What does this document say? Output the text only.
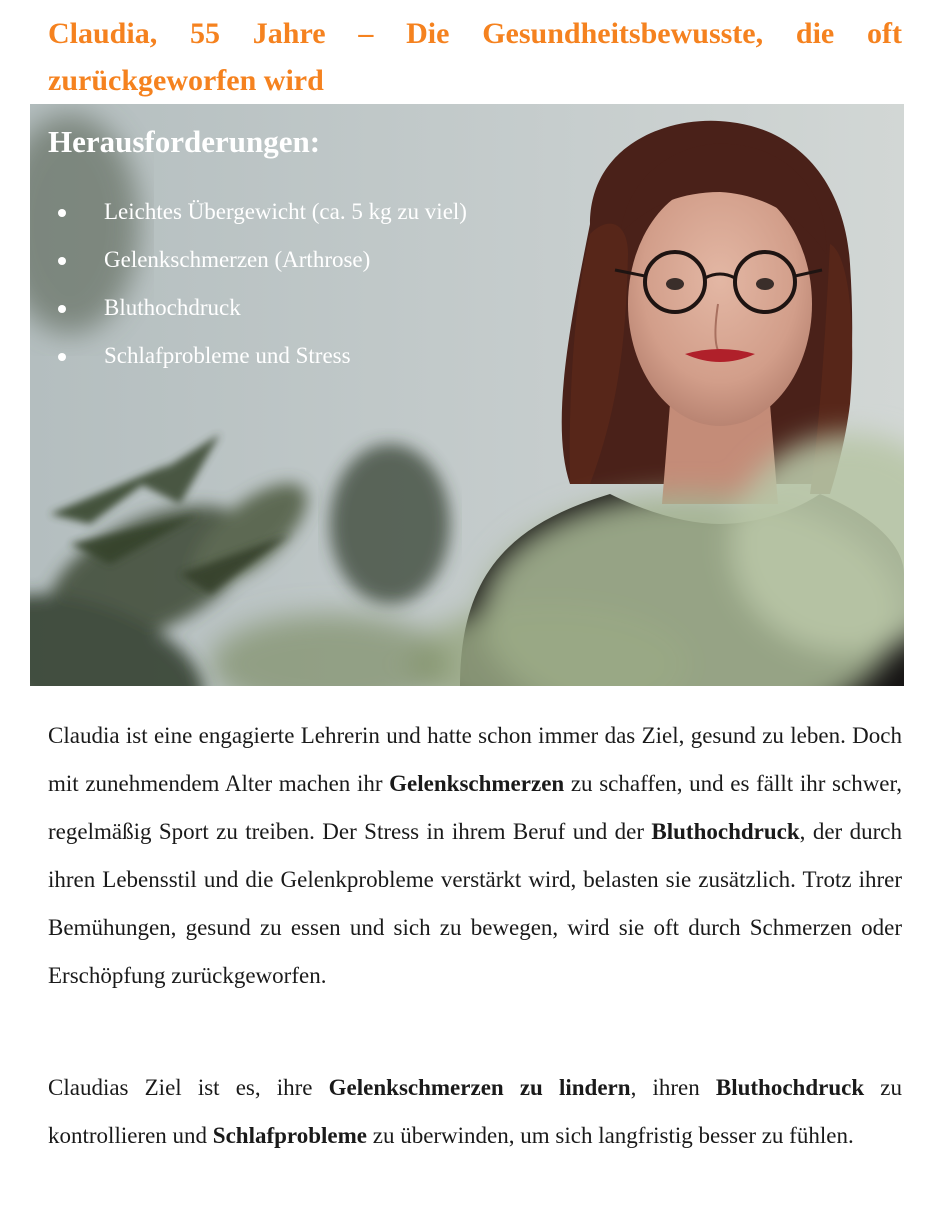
Claudia, 55 Jahre – Die Gesundheitsbewusste, die oft zurückgeworfen wird
Herausforderungen:
Leichtes Übergewicht (ca. 5 kg zu viel)
Gelenkschmerzen (Arthrose)
Bluthochdruck
Schlafprobleme und Stress

Claudia ist eine engagierte Lehrerin und hatte schon immer das Ziel, gesund zu leben. Doch mit zunehmendem Alter machen ihr Gelenkschmerzen zu schaffen, und es fällt ihr schwer, regelmäßig Sport zu treiben. Der Stress in ihrem Beruf und der Bluthochdruck, der durch ihren Lebensstil und die Gelenkprobleme verstärkt wird, belasten sie zusätzlich. Trotz ihrer Bemühungen, gesund zu essen und sich zu bewegen, wird sie oft durch Schmerzen oder Erschöpfung zurückgeworfen.

Claudias Ziel ist es, ihre Gelenkschmerzen zu lindern, ihren Bluthochdruck zu kontrollieren und Schlafprobleme zu überwinden, um sich langfristig besser zu fühlen.
